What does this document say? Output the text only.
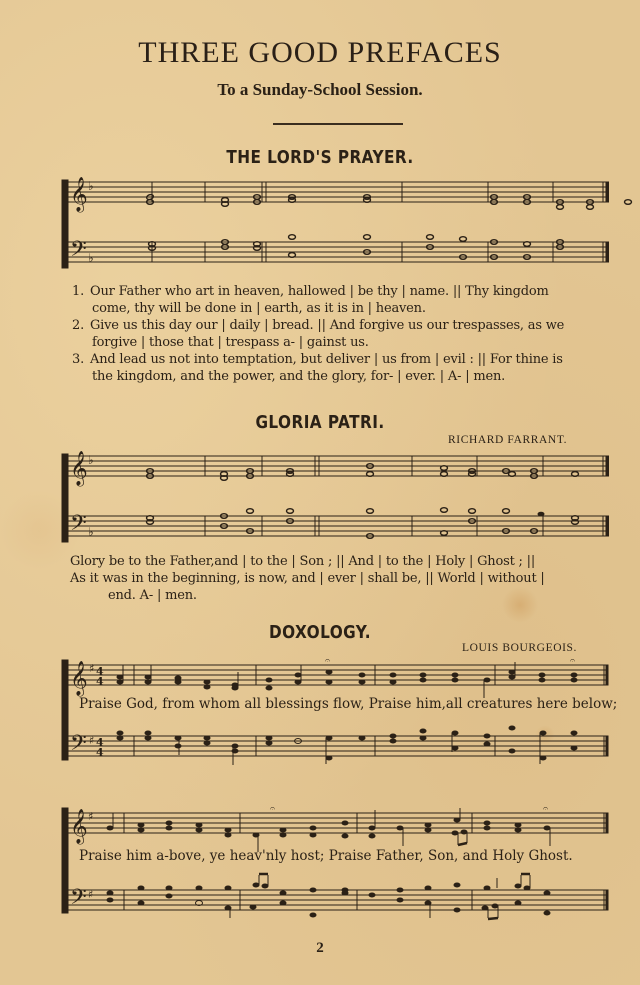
THREE GOOD PREFACES
To a Sunday-School Session.
THE LORD'S PRAYER.
𝄞 ♭
𝄢 ♭
1. Our Father who art in heaven, hallowed | be thy | name. || Thy kingdom
come, thy will be done in | earth, as it is in | heaven.
2. Give us this day our | daily | bread. || And forgive us our trespasses, as we
forgive | those that | trespass a- | gainst us.
3. And lead us not into temptation, but deliver | us from | evil : || For thine is
the kingdom, and the power, and the glory, for- | ever. | A- | men.
GLORIA PATRI.
RICHARD FARRANT.
𝄞 ♭
𝄢 ♭
Glory be to the Father,and | to the | Son ; || And | to the | Holy | Ghost ; ||
As it was in the beginning, is now, and | ever | shall be, || World | without |
end. A- | men.
DOXOLOGY.
LOUIS BOURGEOIS.
𝄞 ♯ 4
4
𝄢 ♯ 4
4
𝄐	𝄐
Praise God, from whom all blessings flow, Praise him,all creatures here below;
𝄞 ♯
𝄢 ♯
𝄐	𝄐
Praise him a-bove, ye heav'nly host; Praise Father, Son, and Holy Ghost.
2
